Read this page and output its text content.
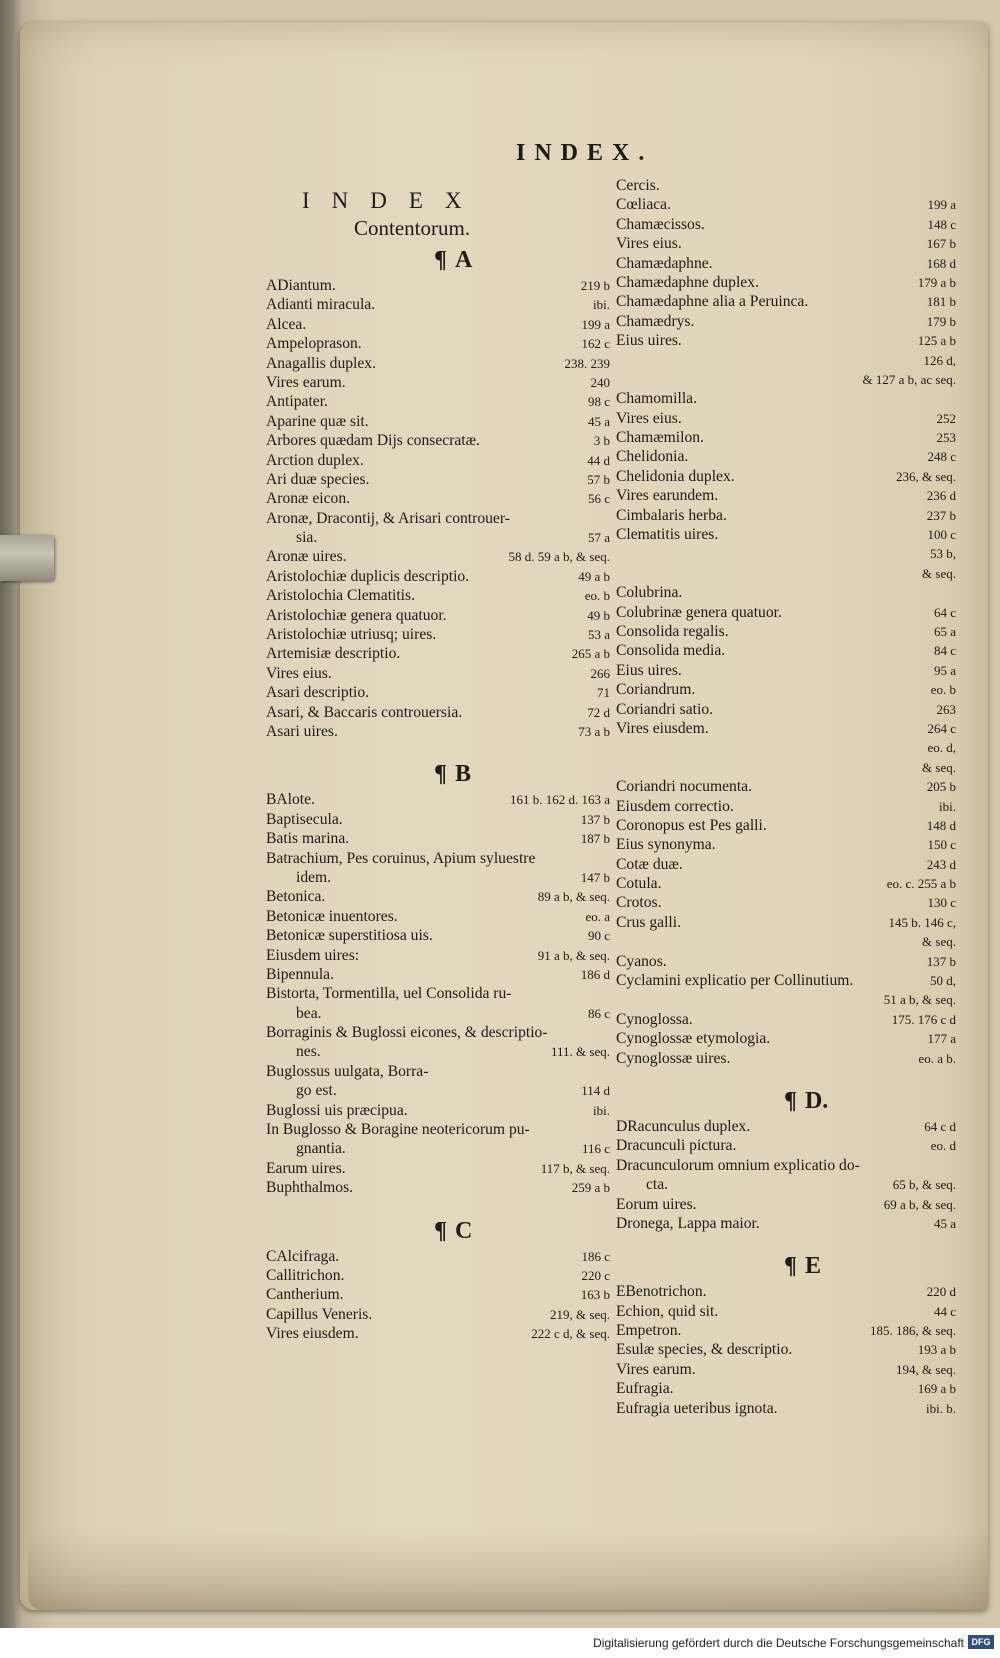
INDEX.
INDEX
Contentorum.
¶ A
ADiantum.	219 b
Adianti miracula.	ibi.
Alcea.	199 a
Ampeloprason.	162 c
Anagallis duplex.	238. 239
Vires earum.	240
Antipater.	98 c
Aparine quæ sit.	45 a
Arbores quædam Dijs consecratæ.	3 b
Arction duplex.	44 d
Ari duæ species.	57 b
Aronæ eicon.	56 c
Aronæ, Dracontij, & Arisari controuer-
sia.	57 a
Aronæ uires.	58 d. 59 a b, & seq.
Aristolochiæ duplicis descriptio.	49 a b
Aristolochia Clematitis.	eo. b
Aristolochiæ genera quatuor.	49 b
Aristolochiæ utriusq; uires.	53 a
Artemisiæ descriptio.	265 a b
Vires eius.	266
Asari descriptio.	71
Asari, & Baccaris controuersia.	72 d
Asari uires.	73 a b
¶ B
BAlote.	161 b. 162 d. 163 a
Baptisecula.	137 b
Batis marina.	187 b
Batrachium, Pes coruinus, Apium syluestre
idem.	147 b
Betonica.	89 a b, & seq.
Betonicæ inuentores.	eo. a
Betonicæ superstitiosa uis.	90 c
Eiusdem uires:	91 a b, & seq.
Bipennula.	186 d
Bistorta, Tormentilla, uel Consolida ru-
bea.	86 c
Borraginis & Buglossi eicones, & descriptio-
nes.	111. & seq.
Buglossus uulgata, Borra-
go est.	114 d
Buglossi uis præcipua.	ibi.
In Buglosso & Boragine neotericorum pu-
gnantia.	116 c
Earum uires.	117 b, & seq.
Buphthalmos.	259 a b
¶ C
CAlcifraga.	186 c
Callitrichon.	220 c
Cantherium.	163 b
Capillus Veneris.	219, & seq.
Vires eiusdem.	222 c d, & seq.
Cercis.
Cœliaca.	199 a
Chamæcissos.	148 c
Vires eius.	167 b
Chamædaphne.	168 d
Chamædaphne duplex.	179 a b
Chamædaphne alia a Peruinca.	181 b
Chamædrys.	179 b
Eius uires.	125 a b
126 d,
& 127 a b, ac seq.
Chamomilla.
Vires eius.	252
Chamæmilon.	253
Chelidonia.	248 c
Chelidonia duplex.	236, & seq.
Vires earundem.	236 d
Cimbalaris herba.	237 b
Clematitis uires.	100 c
53 b,
& seq.
Colubrina.
Colubrinæ genera quatuor.	64 c
Consolida regalis.	65 a
Consolida media.	84 c
Eius uires.	95 a
Coriandrum.	eo. b
Coriandri satio.	263
Vires eiusdem.	264 c
eo. d,
& seq.
Coriandri nocumenta.	205 b
Eiusdem correctio.	ibi.
Coronopus est Pes galli.	148 d
Eius synonyma.	150 c
Cotæ duæ.	243 d
Cotula.	eo. c. 255 a b
Crotos.	130 c
Crus galli.	145 b. 146 c,
& seq.
Cyanos.	137 b
Cyclamini explicatio per Collinutium.	50 d,
51 a b, & seq.
Cynoglossa.	175. 176 c d
Cynoglossæ etymologia.	177 a
Cynoglossæ uires.	eo. a b.
¶ D.
DRacunculus duplex.	64 c d
Dracunculi pictura.	eo. d
Dracunculorum omnium explicatio do-
cta.	65 b, & seq.
Eorum uires.	69 a b, & seq.
Dronega, Lappa maior.	45 a
¶ E
EBenotrichon.	220 d
Echion, quid sit.	44 c
Empetron.	185. 186, & seq.
Esulæ species, & descriptio.	193 a b
Vires earum.	194, & seq.
Eufragia.	169 a b
Eufragia ueteribus ignota.	ibi. b.
Digitalisierung gefördert durch die Deutsche Forschungsgemeinschaft DFG
